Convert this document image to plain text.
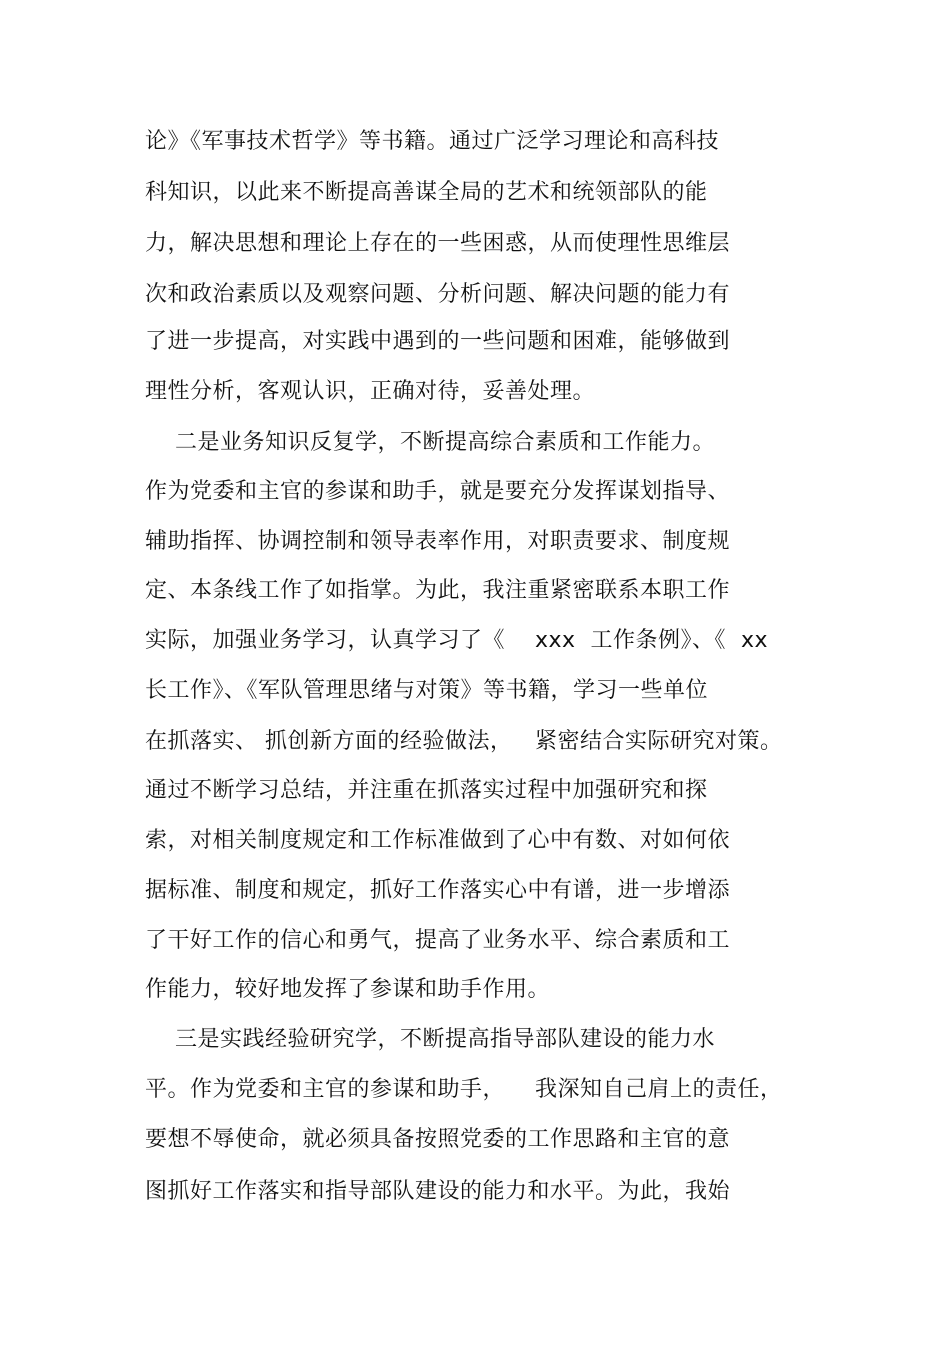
论》《军事技术哲学》等书籍。通过广泛学习理论和高科技
科知识，以此来不断提高善谋全局的艺术和统领部队的能
力，解决思想和理论上存在的一些困惑，从而使理性思维层
次和政治素质以及观察问题、分析问题、解决问题的能力有
了进一步提高，对实践中遇到的一些问题和困难，能够做到
理性分析，客观认识，正确对待，妥善处理。
二是业务知识反复学，不断提高综合素质和工作能力。
作为党委和主官的参谋和助手，就是要充分发挥谋划指导、
辅助指挥、协调控制和领导表率作用，对职责要求、制度规
定、本条线工作了如指掌。为此，我注重紧密联系本职工作
实际，加强业务学习，认真学习了《    xxx  工作条例》、《  xx
长工作》、《军队管理思绪与对策》等书籍，学习一些单位
在抓落实、 抓创新方面的经验做法，   紧密结合实际研究对策。
通过不断学习总结，并注重在抓落实过程中加强研究和探
索，对相关制度规定和工作标准做到了心中有数、对如何依
据标准、制度和规定，抓好工作落实心中有谱，进一步增添
了干好工作的信心和勇气，提高了业务水平、综合素质和工
作能力，较好地发挥了参谋和助手作用。
三是实践经验研究学，不断提高指导部队建设的能力水
平。作为党委和主官的参谋和助手，    我深知自己肩上的责任，
要想不辱使命，就必须具备按照党委的工作思路和主官的意
图抓好工作落实和指导部队建设的能力和水平。为此，我始
